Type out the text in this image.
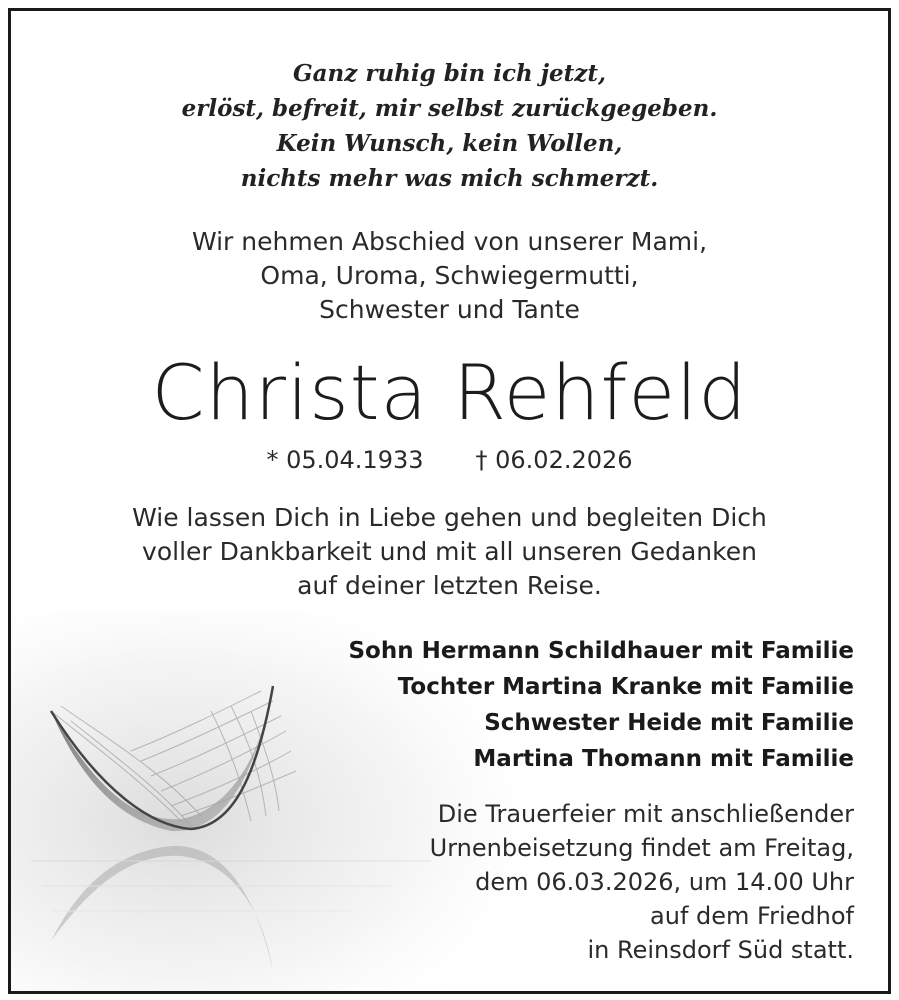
Ganz ruhig bin ich jetzt,
erlöst, befreit, mir selbst zurückgegeben.
Kein Wunsch, kein Wollen,
nichts mehr was mich schmerzt.
Wir nehmen Abschied von unserer Mami,
Oma, Uroma, Schwiegermutti,
Schwester und Tante
Christa Rehfeld
* 05.04.1933 † 06.02.2026
Wie lassen Dich in Liebe gehen und begleiten Dich
voller Dankbarkeit und mit all unseren Gedanken
auf deiner letzten Reise.
Sohn Hermann Schildhauer mit Familie
Tochter Martina Kranke mit Familie
Schwester Heide mit Familie
Martina Thomann mit Familie
Die Trauerfeier mit anschließender
Urnenbeisetzung findet am Freitag,
dem 06.03.2026, um 14.00 Uhr
auf dem Friedhof
in Reinsdorf Süd statt.
